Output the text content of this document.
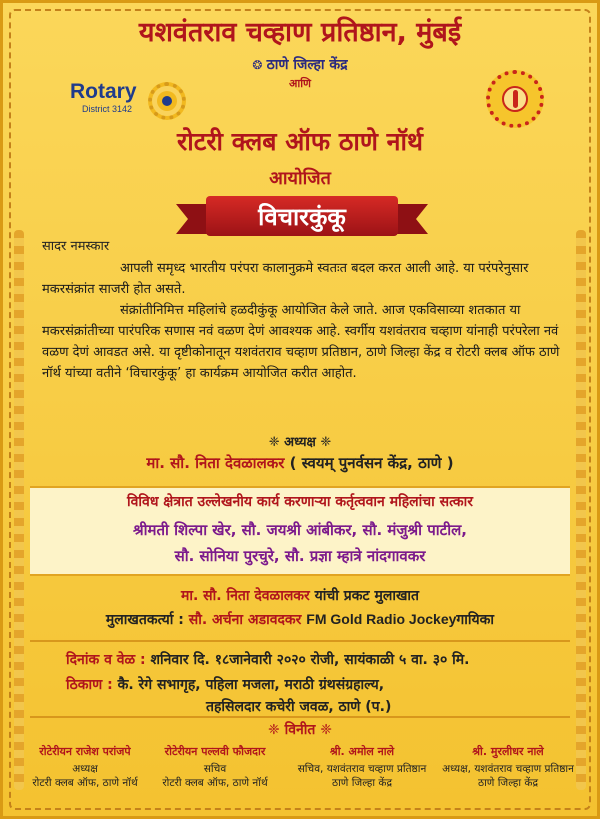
यशवंतराव चव्हाण प्रतिष्ठान, मुंबई
❂ ठाणे जिल्हा केंद्र
आणि
Rotary
District 3142
रोटरी क्लब ऑफ ठाणे नॉर्थ
आयोजित
विचारकुंकू
सादर नमस्कार
आपली समृध्द भारतीय परंपरा कालानुक्रमे स्वतःत बदल करत आली आहे. या परंपरेनुसार मकरसंक्रांत साजरी होत असते.
संक्रांतीनिमित्त महिलांचे हळदीकुंकू आयोजित केले जाते. आज एकविसाव्या शतकात या मकरसंक्रांतीच्या पारंपरिक सणास नवं वळण देणं आवश्यक आहे. स्वर्गीय यशवंतराव चव्हाण यांनाही परंपरेला नवं वळण देणं आवडत असे. या दृष्टीकोनातून यशवंतराव चव्हाण प्रतिष्ठान, ठाणे जिल्हा केंद्र व रोटरी क्लब ऑफ ठाणे नॉर्थ यांच्या वतीने ‘विचारकुंकू’ हा कार्यक्रम आयोजित करीत आहोत.
❈ अध्यक्ष ❈
मा. सौ. निता देवळालकर ( स्वयम् पुनर्वसन केंद्र, ठाणे )
विविध क्षेत्रात उल्लेखनीय कार्य करणाऱ्या कर्तृत्ववान महिलांचा सत्कार
श्रीमती शिल्पा खेर, सौ. जयश्री आंबीकर, सौ. मंजुश्री पाटील,
सौ. सोनिया पुरचुरे, सौ. प्रज्ञा म्हात्रे नांदगावकर
मा. सौ. निता देवळालकर यांची प्रकट मुलाखात
मुलाखतकर्त्या : सौ. अर्चना अडावदकर FM Gold Radio Jockeyगायिका
दिनांक व वेळ : शनिवार दि. १८जानेवारी २०२० रोजी, सायंकाळी ५ वा. ३० मि.
ठिकाण : कै. रेगे सभागृह, पहिला मजला, मराठी ग्रंथसंग्रहाल्य,
तहसिलदार कचेरी जवळ, ठाणे (प.)
❈ विनीत ❈
रोटेरीयन राजेश परांजपे
अध्यक्ष
रोटरी क्लब ऑफ, ठाणे नॉर्थ
रोटेरीयन पल्लवी फौजदार
सचिव
रोटरी क्लब ऑफ, ठाणे नॉर्थ
श्री. अमोल नाले
सचिव, यशवंतराव चव्हाण प्रतिष्ठान
ठाणे जिल्हा केंद्र
श्री. मुरलीधर नाले
अध्यक्ष, यशवंतराव चव्हाण प्रतिष्ठान
ठाणे जिल्हा केंद्र
